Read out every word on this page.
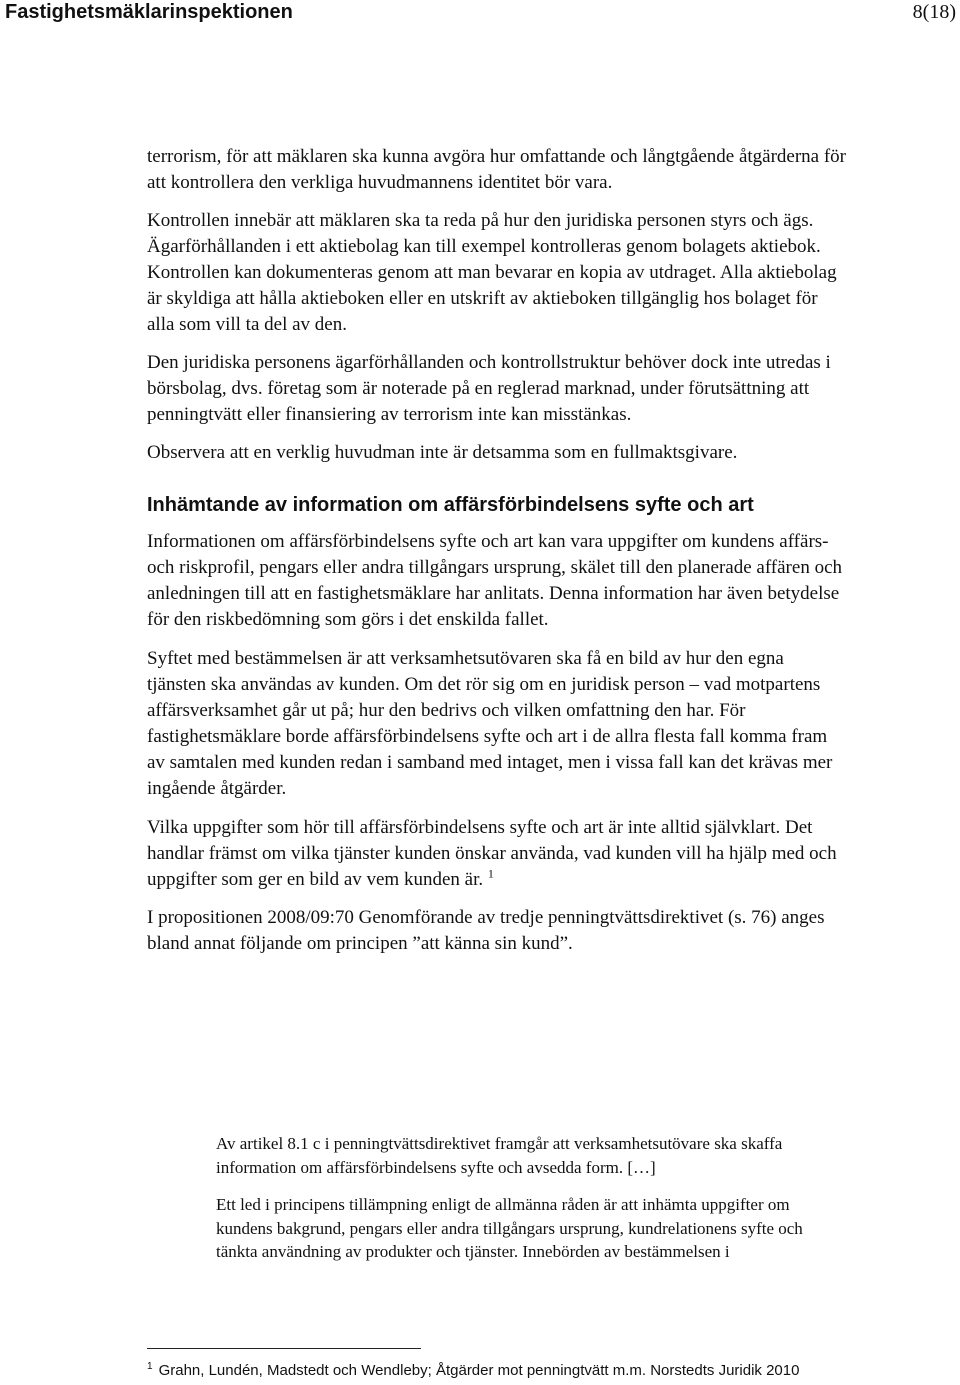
Fastighetsmäklarinspektionen	8(18)

terrorism, för att mäklaren ska kunna avgöra hur omfattande och långtgående åtgärderna för att kontrollera den verkliga huvudmannens identitet bör vara.

Kontrollen innebär att mäklaren ska ta reda på hur den juridiska personen styrs och ägs. Ägarförhållanden i ett aktiebolag kan till exempel kontrolleras genom bolagets aktiebok. Kontrollen kan dokumenteras genom att man bevarar en kopia av utdraget. Alla aktiebolag är skyldiga att hålla aktieboken eller en utskrift av aktieboken tillgänglig hos bolaget för alla som vill ta del av den.

Den juridiska personens ägarförhållanden och kontrollstruktur behöver dock inte utredas i börsbolag, dvs. företag som är noterade på en reglerad marknad, under förutsättning att penningtvätt eller finansiering av terrorism inte kan misstänkas.

Observera att en verklig huvudman inte är detsamma som en fullmaktsgivare.

Inhämtande av information om affärsförbindelsens syfte och art

Informationen om affärsförbindelsens syfte och art kan vara uppgifter om kundens affärs- och riskprofil, pengars eller andra tillgångars ursprung, skälet till den planerade affären och anledningen till att en fastighetsmäklare har anlitats. Denna information har även betydelse för den riskbedömning som görs i det enskilda fallet.

Syftet med bestämmelsen är att verksamhetsutövaren ska få en bild av hur den egna tjänsten ska användas av kunden. Om det rör sig om en juridisk person – vad motpartens affärsverksamhet går ut på; hur den bedrivs och vilken omfattning den har. För fastighetsmäklare borde affärsförbindelsens syfte och art i de allra flesta fall komma fram av samtalen med kunden redan i samband med intaget, men i vissa fall kan det krävas mer ingående åtgärder.

Vilka uppgifter som hör till affärsförbindelsens syfte och art är inte alltid självklart. Det handlar främst om vilka tjänster kunden önskar använda, vad kunden vill ha hjälp med och uppgifter som ger en bild av vem kunden är. $^1$

I propositionen 2008/09:70 Genomförande av tredje penningtvättsdirektivet (s. 76) anges bland annat följande om principen ”att känna sin kund”.

Av artikel 8.1 c i penningtvättsdirektivet framgår att verksamhetsutövare ska skaffa information om affärsförbindelsens syfte och avsedda form. […]

Ett led i principens tillämpning enligt de allmänna råden är att inhämta uppgifter om kundens bakgrund, pengars eller andra tillgångars ursprung, kundrelationens syfte och tänkta användning av produkter och tjänster. Innebörden av bestämmelsen i

$^1$ Grahn, Lundén, Madstedt och Wendleby; Åtgärder mot penningtvätt m.m. Norstedts Juridik 2010
